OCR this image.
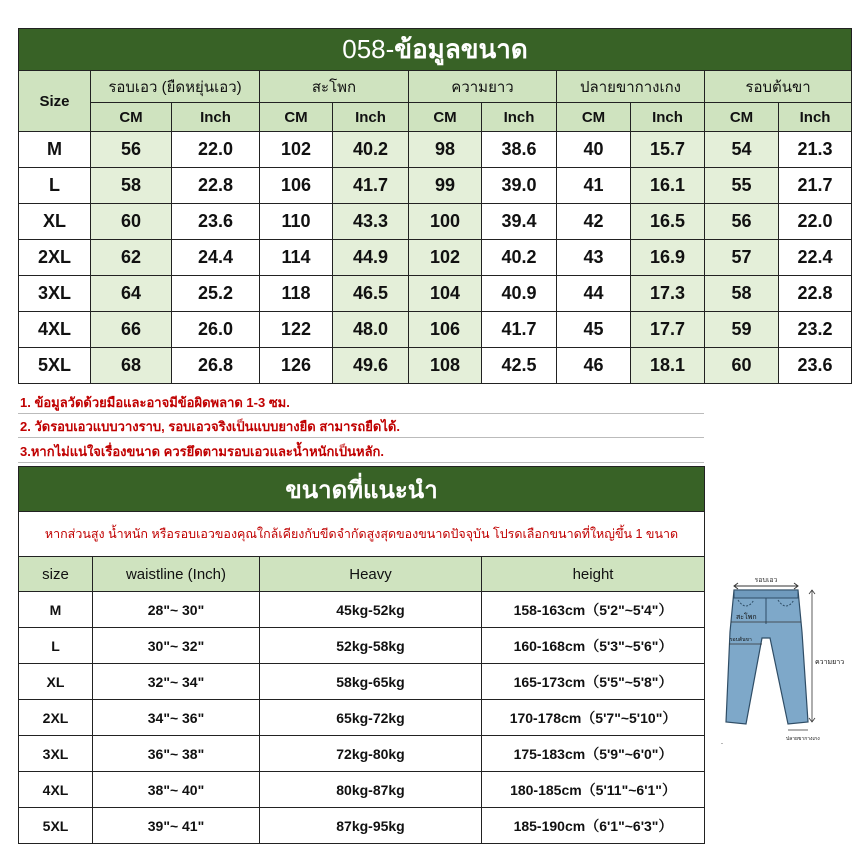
058-ข้อมูลขนาด										
Size	รอบเอว (ยืดหยุ่นเอว)		สะโพก		ความยาว		ปลายขากางเกง		รอบต้นขา	
	CM	Inch	CM	Inch	CM	Inch	CM	Inch	CM	Inch
M	56	22.0	102	40.2	98	38.6	40	15.7	54	21.3
L	58	22.8	106	41.7	99	39.0	41	16.1	55	21.7
XL	60	23.6	110	43.3	100	39.4	42	16.5	56	22.0
2XL	62	24.4	114	44.9	102	40.2	43	16.9	57	22.4
3XL	64	25.2	118	46.5	104	40.9	44	17.3	58	22.8
4XL	66	26.0	122	48.0	106	41.7	45	17.7	59	23.2
5XL	68	26.8	126	49.6	108	42.5	46	18.1	60	23.6
1. ข้อมูลวัดด้วยมือและอาจมีข้อผิดพลาด 1-3 ซม.
2. วัดรอบเอวแบบวางราบ, รอบเอวจริงเป็นแบบยางยืด สามารถยืดได้.
3.หากไม่แน่ใจเรื่องขนาด ควรยึดตามรอบเอวและน้ำหนักเป็นหลัก.
ขนาดที่แนะนำ			
หากส่วนสูง น้ำหนัก หรือรอบเอวของคุณใกล้เคียงกับขีดจำกัดสูงสุดของขนาดปัจจุบัน โปรดเลือกขนาดที่ใหญ่ขึ้น 1 ขนาด			
size	waistline (Inch)	Heavy	height
M	28"~ 30"	45kg-52kg	158-163cm（5'2"~5'4"）
L	30"~ 32"	52kg-58kg	160-168cm（5'3"~5'6"）
XL	32"~ 34"	58kg-65kg	165-173cm（5'5"~5'8"）
2XL	34"~ 36"	65kg-72kg	170-178cm（5'7"~5'10"）
3XL	36"~ 38"	72kg-80kg	175-183cm（5'9"~6'0"）
4XL	38"~ 40"	80kg-87kg	180-185cm（5'11"~6'1"）
5XL	39"~ 41"	87kg-95kg	185-190cm（6'1"~6'3"）
รอบเอว
สะโพก
รอบต้นขา
ความยาว
ปลายขากางเกง
